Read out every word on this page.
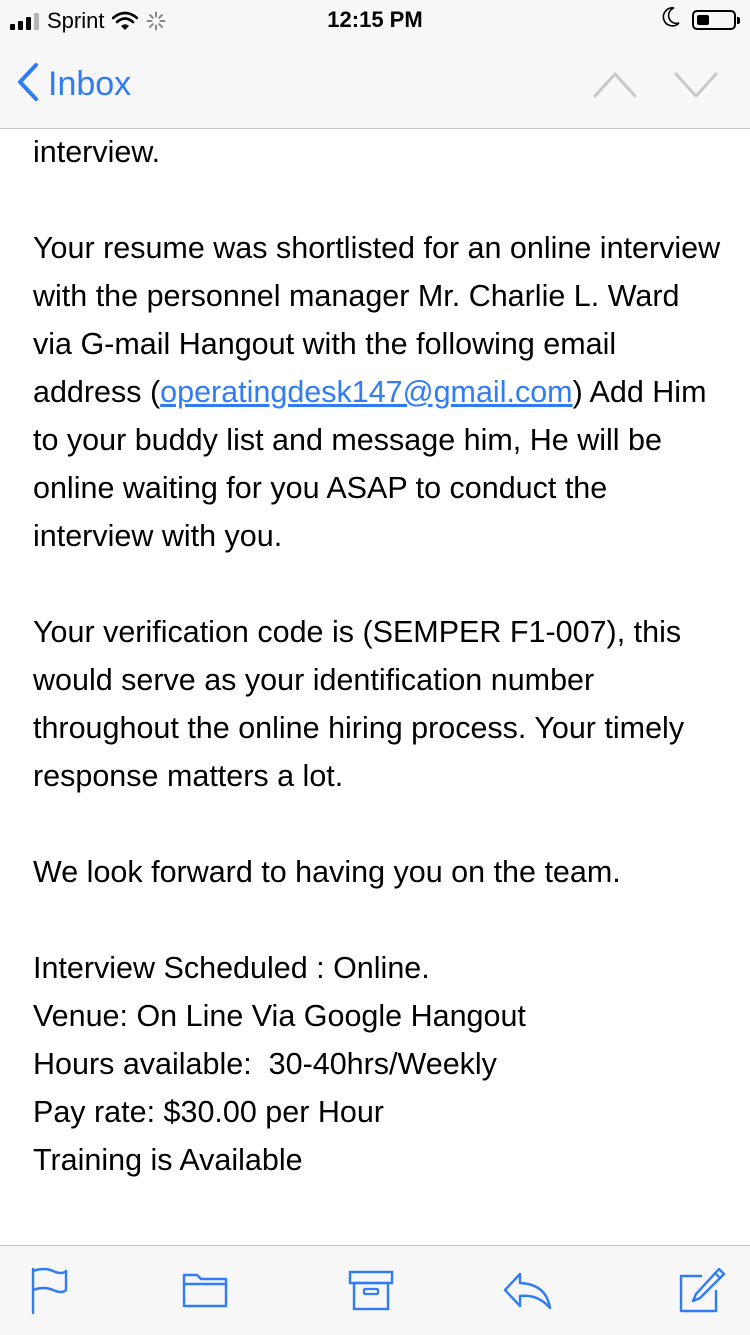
Sprint	12:15 PM
Inbox
interview.
Your resume was shortlisted for an online interview with the personnel manager Mr. Charlie L. Ward via G-mail Hangout with the following email address (operatingdesk147@gmail.com) Add Him to your buddy list and message him, He will be online waiting for you ASAP to conduct the interview with you.
Your verification code is (SEMPER F1-007), this would serve as your identification number throughout the online hiring process. Your timely response matters a lot.
We look forward to having you on the team.
Interview Scheduled : Online.
Venue: On Line Via Google Hangout
Hours available:  30-40hrs/Weekly
Pay rate: $30.00 per Hour
Training is Available
